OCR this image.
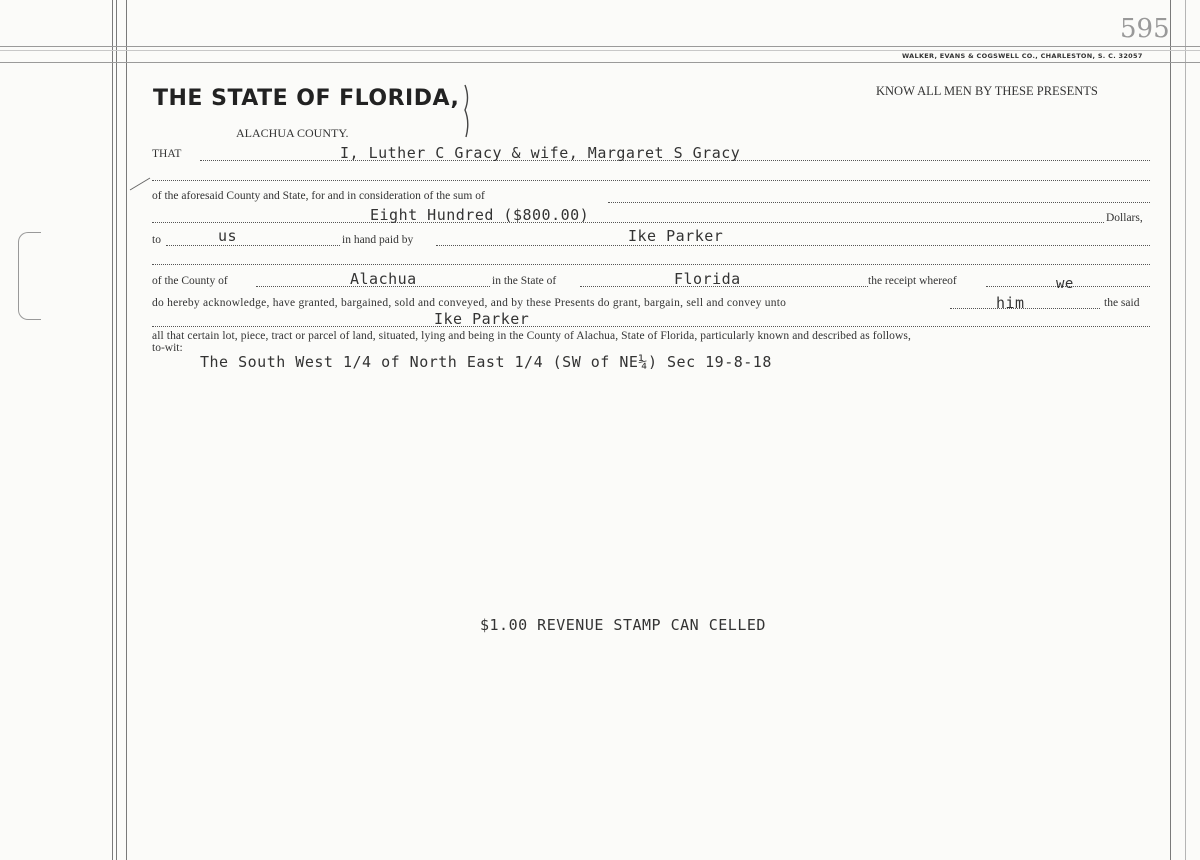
595
WALKER, EVANS & COGSWELL CO., CHARLESTON, S. C. 32057
THE STATE OF FLORIDA,
ALACHUA COUNTY.
KNOW ALL MEN BY THESE PRESENTS
THAT	I, Luther C Gracy & wife, Margaret S Gracy
of the aforesaid County and State, for and in consideration of the sum of
Eight Hundred ($800.00)	Dollars,
to	us	in hand paid by	Ike Parker
of the County of	Alachua	in the State of	Florida	the receipt whereof	we
do hereby acknowledge, have granted, bargained, sold and conveyed, and by these Presents do grant, bargain, sell and convey unto	him	the said
Ike Parker
all that certain lot, piece, tract or parcel of land, situated, lying and being in the County of Alachua, State of Florida, particularly known and described as follows,
to-wit:
The South West 1/4 of North East 1/4 (SW of NE¼) Sec 19-8-18
$1.00 REVENUE STAMP CAN CELLED
